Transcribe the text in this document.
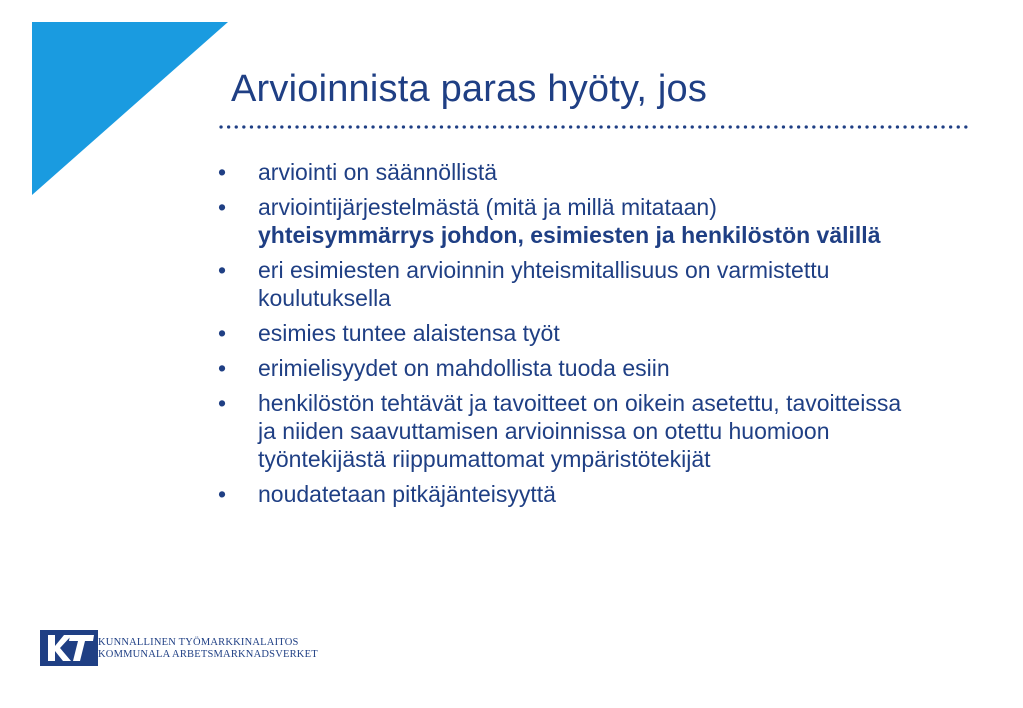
Arvioinnista paras hyöty, jos
• arviointi on säännöllistä
• arviointijärjestelmästä (mitä ja millä mitataan)
yhteisymmärrys johdon, esimiesten ja henkilöstön välillä
• eri esimiesten arvioinnin yhteismitallisuus on varmistettu koulutuksella
• esimies tuntee alaistensa työt
• erimielisyydet on mahdollista tuoda esiin
• henkilöstön tehtävät ja tavoitteet on oikein asetettu, tavoitteissa ja niiden saavuttamisen arvioinnissa on otettu huomioon työntekijästä riippumattomat ympäristötekijät
• noudatetaan pitkäjänteisyyttä
KUNNALLINEN TYÖMARKKINALAITOS
KOMMUNALA ARBETSMARKNADSVERKET
